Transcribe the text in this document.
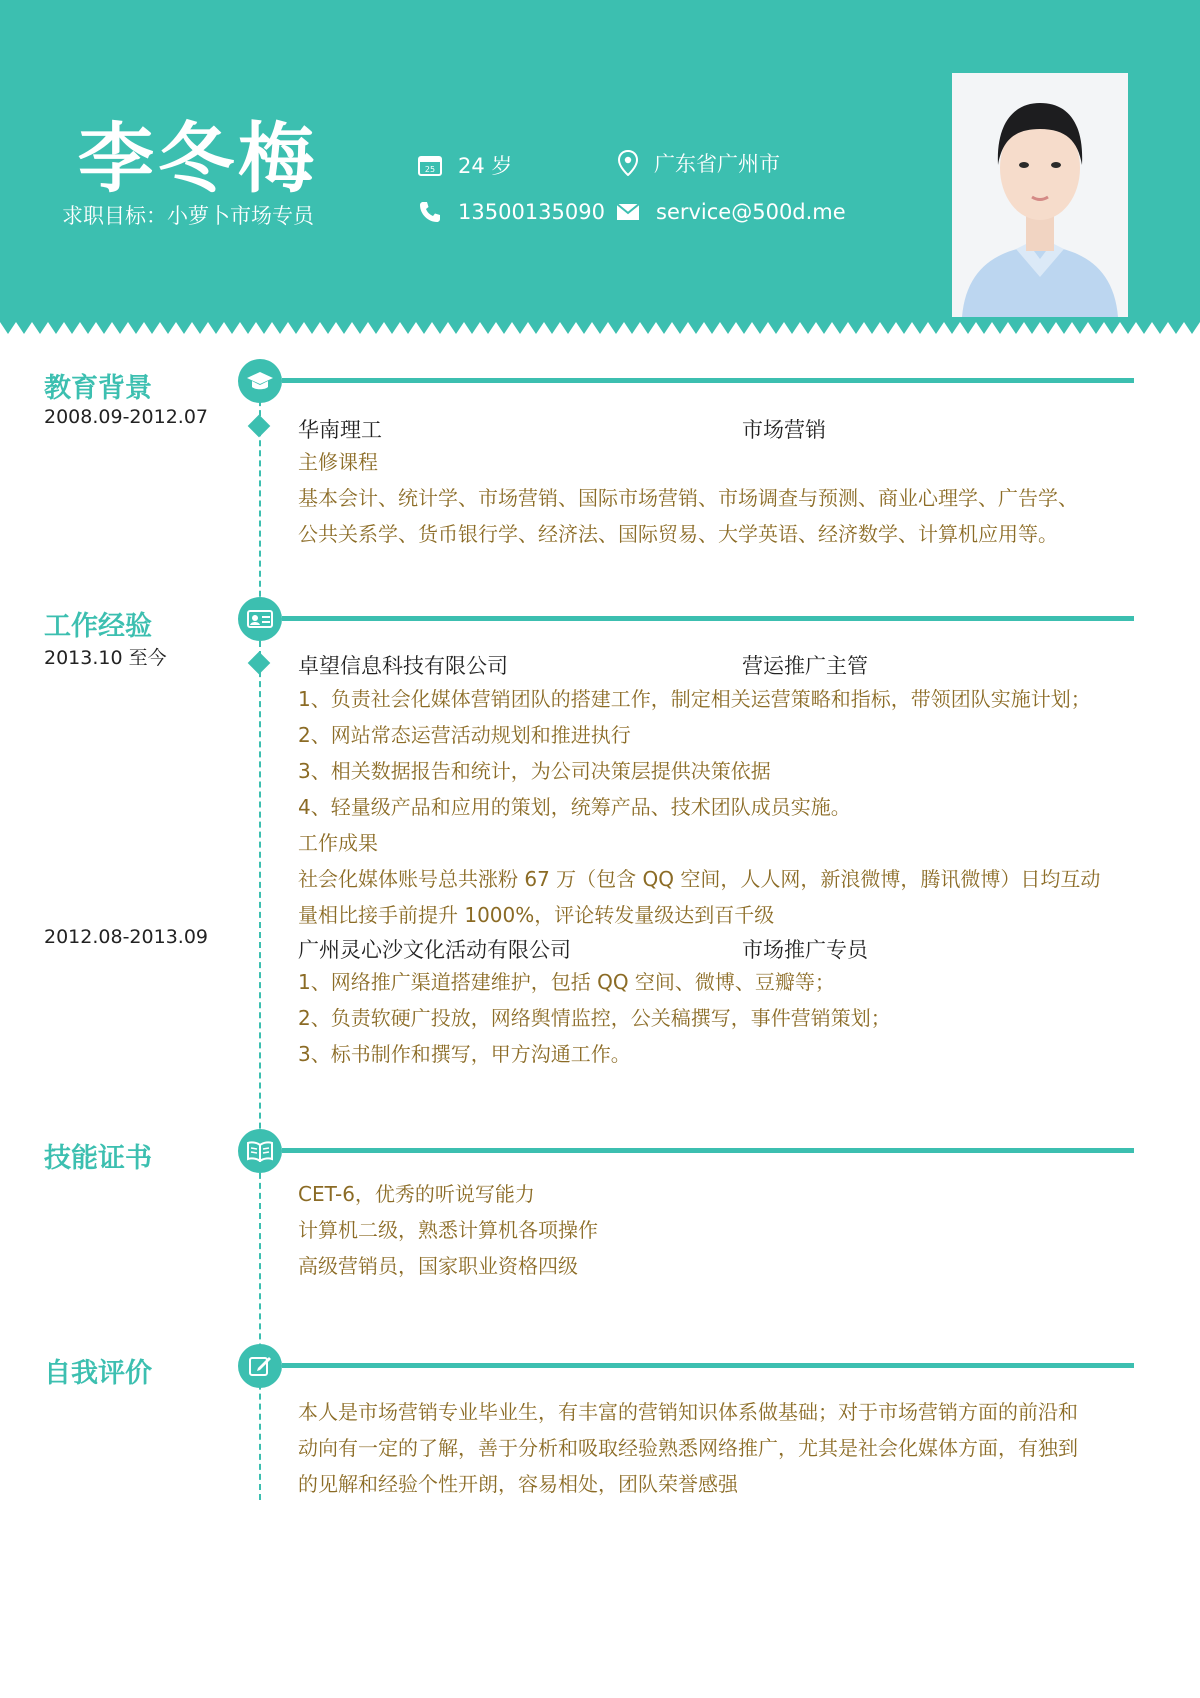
李冬梅
求职目标：小萝卜市场专员
25 24 岁	广东省广州市
13500135090 service@500d.me
教育背景
2008.09-2012.07
华南理工	市场营销
主修课程
基本会计、统计学、市场营销、国际市场营销、市场调查与预测、商业心理学、广告学、
公共关系学、货币银行学、经济法、国际贸易、大学英语、经济数学、计算机应用等。
工作经验
2013.10 至今	卓望信息科技有限公司	营运推广主管
1、负责社会化媒体营销团队的搭建工作，制定相关运营策略和指标，带领团队实施计划；
2、网站常态运营活动规划和推进执行
3、相关数据报告和统计，为公司决策层提供决策依据
4、轻量级产品和应用的策划，统筹产品、技术团队成员实施。
工作成果
社会化媒体账号总共涨粉 67 万（包含 QQ 空间，人人网，新浪微博，腾讯微博）日均互动
量相比接手前提升 1000%，评论转发量级达到百千级
2012.08-2013.09
广州灵心沙文化活动有限公司	市场推广专员
1、网络推广渠道搭建维护，包括 QQ 空间、微博、豆瓣等；
2、负责软硬广投放，网络舆情监控，公关稿撰写，事件营销策划；
3、标书制作和撰写，甲方沟通工作。
技能证书
CET-6，优秀的听说写能力
计算机二级，熟悉计算机各项操作
高级营销员，国家职业资格四级
自我评价
本人是市场营销专业毕业生，有丰富的营销知识体系做基础；对于市场营销方面的前沿和
动向有一定的了解，善于分析和吸取经验熟悉网络推广，尤其是社会化媒体方面，有独到
的见解和经验个性开朗，容易相处，团队荣誉感强
